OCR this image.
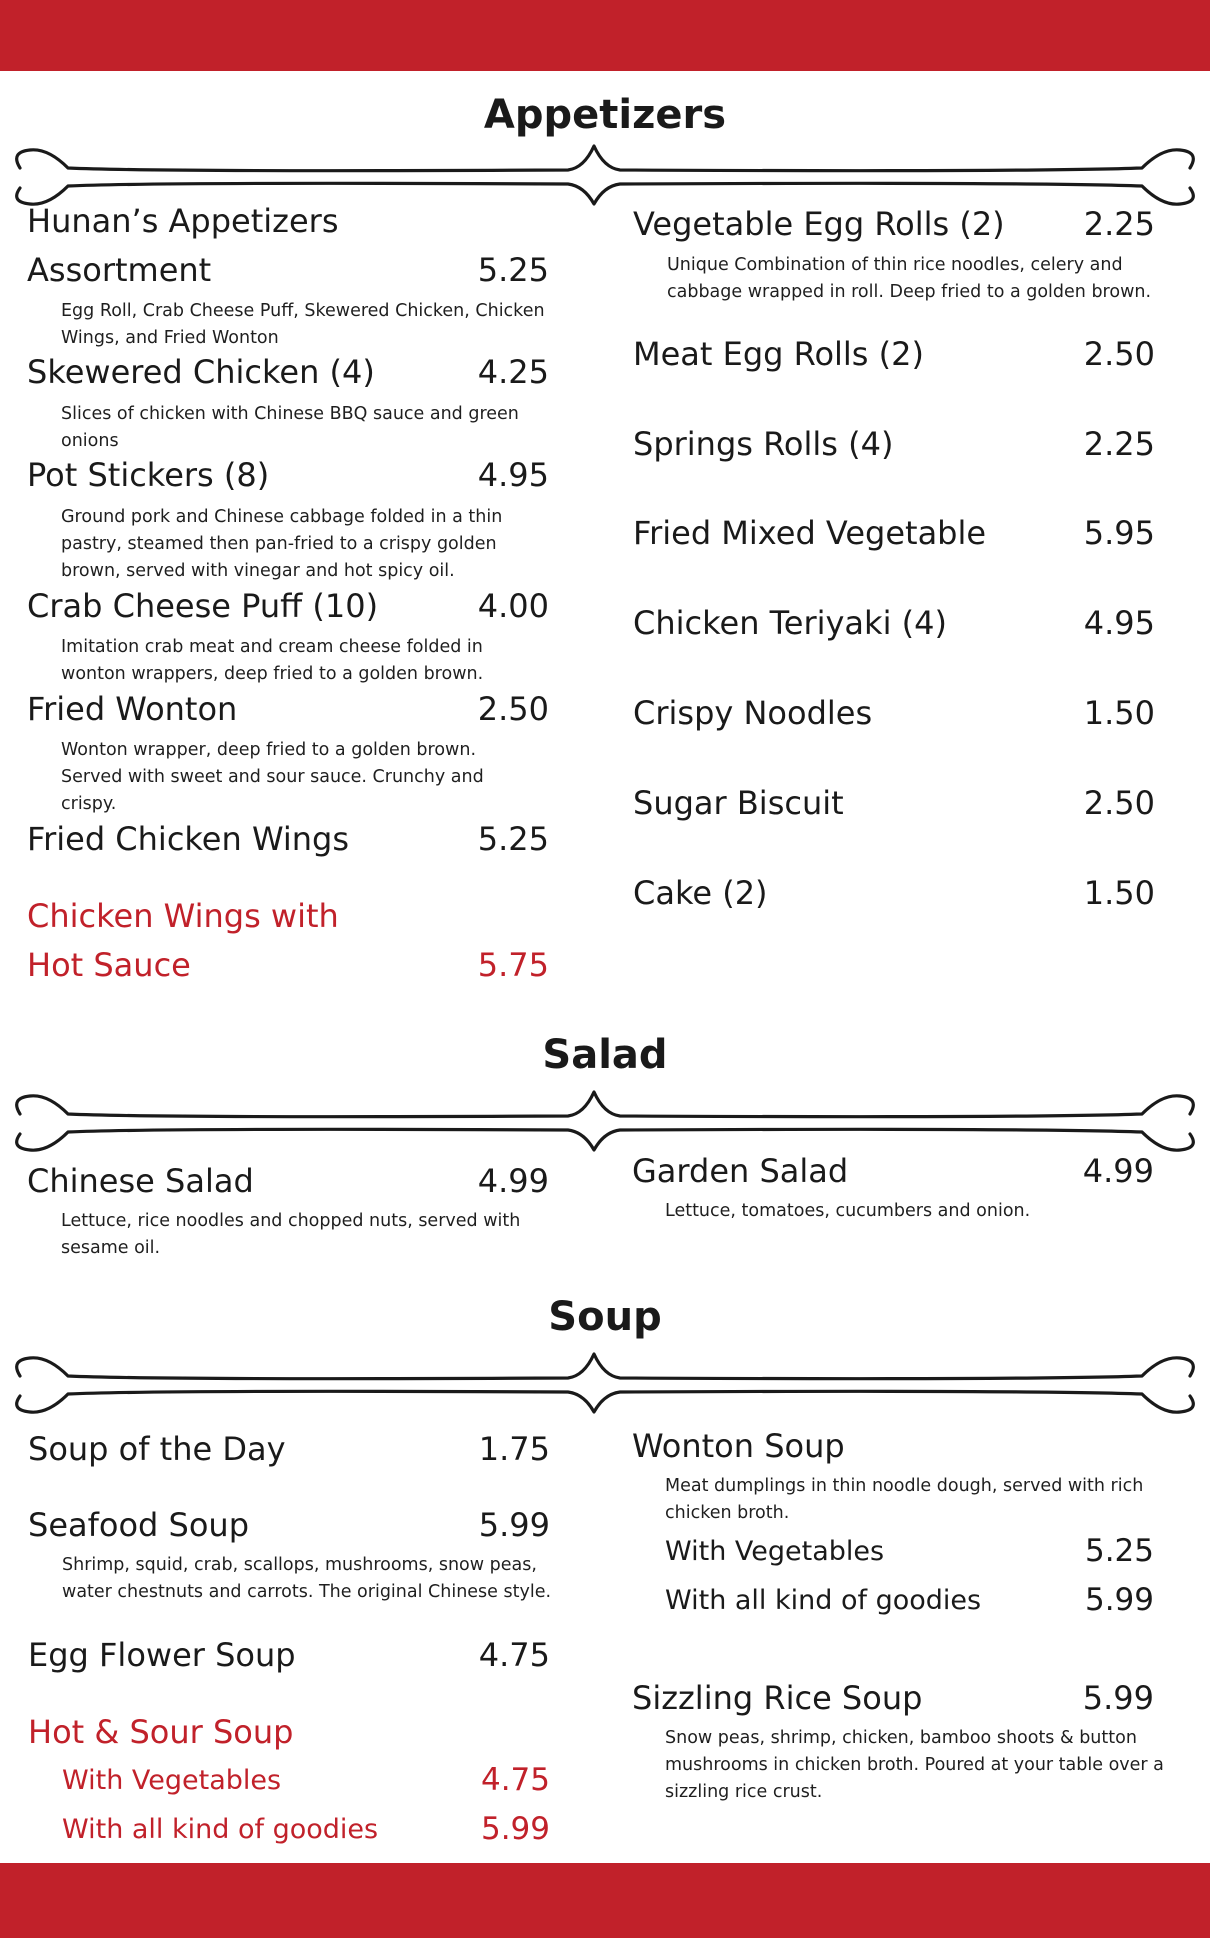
Appetizers
Hunan’s Appetizers
Assortment	5.25
Egg Roll, Crab Cheese Puff, Skewered Chicken, Chicken Wings, and Fried Wonton
Skewered Chicken (4)	4.25
Slices of chicken with Chinese BBQ sauce and green onions
Pot Stickers (8)	4.95
Ground pork and Chinese cabbage folded in a thin pastry, steamed then pan-fried to a crispy golden brown, served with vinegar and hot spicy oil.
Crab Cheese Puff (10)	4.00
Imitation crab meat and cream cheese folded in wonton wrappers, deep fried to a golden brown.
Fried Wonton	2.50
Wonton wrapper, deep fried to a golden brown. Served with sweet and sour sauce. Crunchy and crispy.
Fried Chicken Wings	5.25
Chicken Wings with
Hot Sauce	5.75
Vegetable Egg Rolls (2)	2.25
Unique Combination of thin rice noodles, celery and cabbage wrapped in roll. Deep fried to a golden brown.
Meat Egg Rolls (2)	2.50
Springs Rolls (4)	2.25
Fried Mixed Vegetable	5.95
Chicken Teriyaki (4)	4.95
Crispy Noodles	1.50
Sugar Biscuit	2.50
Cake (2)	1.50
Salad
Chinese Salad	4.99
Lettuce, rice noodles and chopped nuts, served with sesame oil.
Garden Salad	4.99
Lettuce, tomatoes, cucumbers and onion.
Soup
Soup of the Day	1.75
Seafood Soup	5.99
Shrimp, squid, crab, scallops, mushrooms, snow peas, water chestnuts and carrots. The original Chinese style.
Egg Flower Soup	4.75
Hot & Sour Soup
With Vegetables	4.75
With all kind of goodies	5.99
Wonton Soup
Meat dumplings in thin noodle dough, served with rich chicken broth.
With Vegetables	5.25
With all kind of goodies	5.99
Sizzling Rice Soup	5.99
Snow peas, shrimp, chicken, bamboo shoots & button mushrooms in chicken broth. Poured at your table over a sizzling rice crust.
